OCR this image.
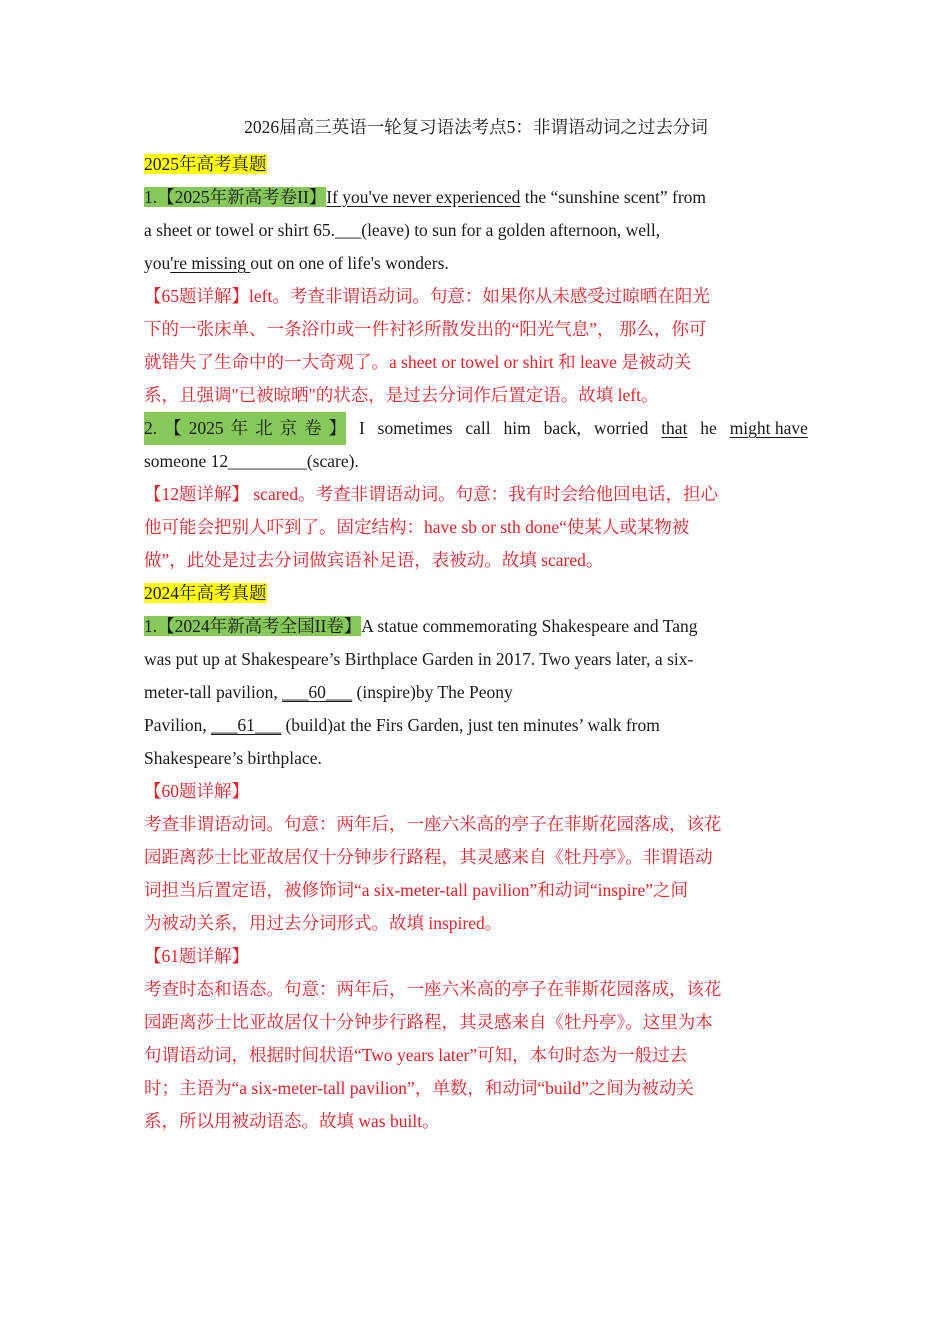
2026届高三英语一轮复习语法考点5：非谓语动词之过去分词

2025年高考真题

1.【2025年新高考卷II】If you've never experienced the “sunshine scent” from

a sheet or towel or shirt 65.___(leave) to sun for a golden afternoon, well,

you're missing out on one of life's wonders.

【65题详解】left。考查非谓语动词。句意：如果你从未感受过晾晒在阳光

下的一张床单、一条浴巾或一件衬衫所散发出的“阳光气息”， 那么，你可

就错失了生命中的一大奇观了。a sheet or towel or shirt 和 leave 是被动关

系，且强调"已被晾晒"的状态，是过去分词作后置定语。故填 left。

2. 【 2025 年 北 京 卷 】 I sometimes call him back, worried that he might have

someone 12_________(scare).

【12题详解】 scared。考查非谓语动词。句意：我有时会给他回电话，担心

他可能会把别人吓到了。固定结构：have sb or sth done“使某人或某物被

做”，此处是过去分词做宾语补足语，表被动。故填 scared。

2024年高考真题

1.【2024年新高考全国II卷】A statue commemorating Shakespeare and Tang

was put up at Shakespeare’s Birthplace Garden in 2017. Two years later, a six-

meter-tall pavilion, ___60___ (inspire)by The Peony

Pavilion, ___61___ (build)at the Firs Garden, just ten minutes’ walk from

Shakespeare’s birthplace.

【60题详解】

考查非谓语动词。句意：两年后，一座六米高的亭子在菲斯花园落成，该花

园距离莎士比亚故居仅十分钟步行路程，其灵感来自《牡丹亭》。非谓语动

词担当后置定语，被修饰词“a six-meter-tall pavilion”和动词“inspire”之间

为被动关系，用过去分词形式。故填 inspired。

【61题详解】

考查时态和语态。句意：两年后，一座六米高的亭子在菲斯花园落成，该花

园距离莎士比亚故居仅十分钟步行路程，其灵感来自《牡丹亭》。这里为本

句谓语动词，根据时间状语“Two years later”可知，本句时态为一般过去

时；主语为“a six-meter-tall pavilion”，单数，和动词“build”之间为被动关

系，所以用被动语态。故填 was built。
